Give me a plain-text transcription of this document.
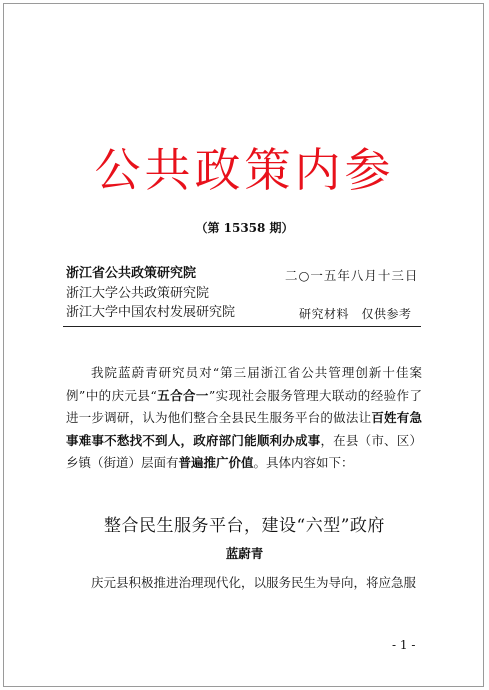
公共政策内参
（第 15358 期）
浙江省公共政策研究院
浙江大学公共政策研究院
浙江大学中国农村发展研究院
二○一五年八月十三日
研究材料　仅供参考
我院蓝蔚青研究员对“第三届浙江省公共管理创新十佳案例”中的庆元县“五合合一”实现社会服务管理大联动的经验作了进一步调研，认为他们整合全县民生服务平台的做法让百姓有急事难事不愁找不到人，政府部门能顺利办成事，在县（市、区）乡镇（街道）层面有普遍推广价值。具体内容如下：
整合民生服务平台，建设“六型”政府
蓝蔚青
庆元县积极推进治理现代化，以服务民生为导向，将应急服
- 1 -
